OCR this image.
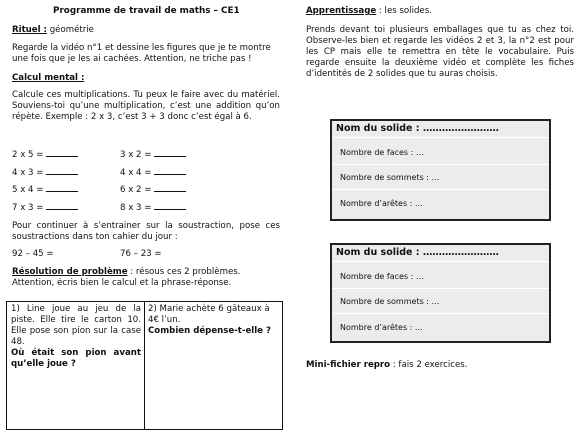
Programme de travail de maths – CE1
Rituel : géométrie
Regarde la vidéo n°1 et dessine les figures que je te montre une fois que je les ai cachées. Attention, ne triche pas !
Calcul mental :
Calcule ces multiplications. Tu peux le faire avec du matériel. Souviens-toi qu’une multiplication, c’est une addition qu’on répète. Exemple : 2 x 3, c’est 3 + 3 donc c’est égal à 6.
2 x 5 =
4 x 3 =
5 x 4 =
7 x 3 =
3 x 2 =
4 x 4 =
6 x 2 =
8 x 3 =
Pour continuer à s’entrainer sur la soustraction, pose ces soustractions dans ton cahier du jour :
92 – 45 =	76 – 23 =
Résolution de problème : résous ces 2 problèmes. Attention, écris bien le calcul et la phrase-réponse.
1) Line joue au jeu de la piste. Elle tire le carton 10. Elle pose son pion sur la case 48.
Où était son pion avant qu’elle joue ?
2) Marie achète 6 gâteaux à 4€ l’un.
Combien dépense-t-elle ?
Apprentissage : les solides.
Prends devant toi plusieurs emballages que tu as chez toi. Observe-les bien et regarde les vidéos 2 et 3, la n°2 est pour les CP mais elle te remettra en tête le vocabulaire. Puis regarde ensuite la deuxième vidéo et complète les fiches d’identités de 2 solides que tu auras choisis.
Nom du solide : ……………………
Nombre de faces : …
Nombre de sommets : …
Nombre d’arêtes : …
Nom du solide : ……………………
Nombre de faces : …
Nombre de sommets : …
Nombre d’arêtes : …
Mini-fichier repro : fais 2 exercices.
